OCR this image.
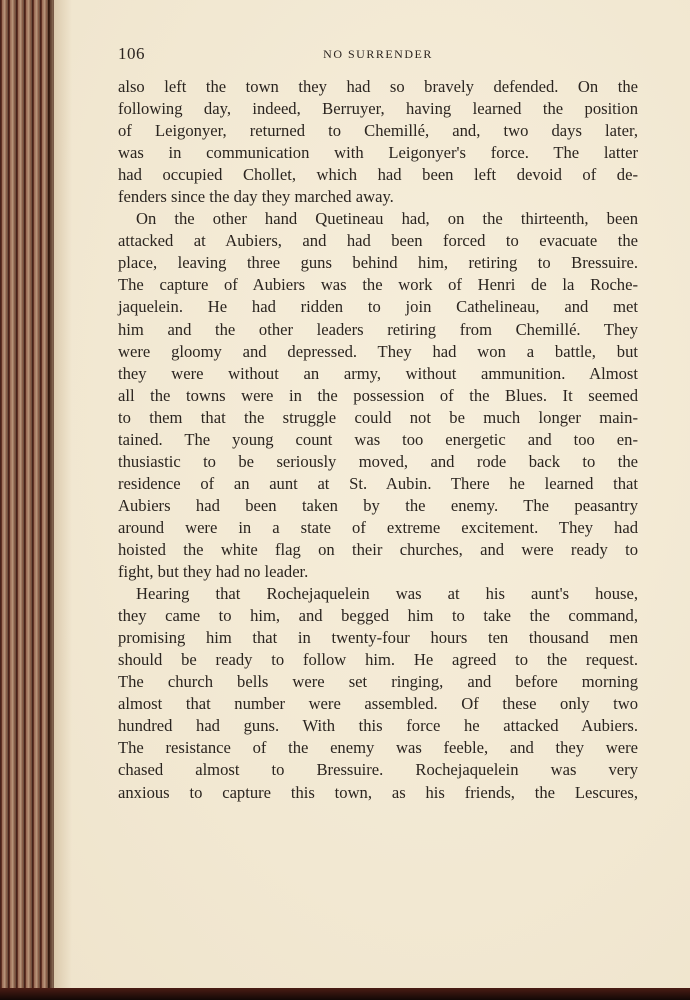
106	NO SURRENDER
also left the town they had so bravely defended. On the
following day, indeed, Berruyer, having learned the position
of Leigonyer, returned to Chemillé, and, two days later,
was in communication with Leigonyer's force. The latter
had occupied Chollet, which had been left devoid of de-
fenders since the day they marched away.
On the other hand Quetineau had, on the thirteenth, been
attacked at Aubiers, and had been forced to evacuate the
place, leaving three guns behind him, retiring to Bressuire.
The capture of Aubiers was the work of Henri de la Roche-
jaquelein. He had ridden to join Cathelineau, and met
him and the other leaders retiring from Chemillé. They
were gloomy and depressed. They had won a battle, but
they were without an army, without ammunition. Almost
all the towns were in the possession of the Blues. It seemed
to them that the struggle could not be much longer main-
tained. The young count was too energetic and too en-
thusiastic to be seriously moved, and rode back to the
residence of an aunt at St. Aubin. There he learned that
Aubiers had been taken by the enemy. The peasantry
around were in a state of extreme excitement. They had
hoisted the white flag on their churches, and were ready to
fight, but they had no leader.
Hearing that Rochejaquelein was at his aunt's house,
they came to him, and begged him to take the command,
promising him that in twenty-four hours ten thousand men
should be ready to follow him. He agreed to the request.
The church bells were set ringing, and before morning
almost that number were assembled. Of these only two
hundred had guns. With this force he attacked Aubiers.
The resistance of the enemy was feeble, and they were
chased almost to Bressuire. Rochejaquelein was very
anxious to capture this town, as his friends, the Lescures,
